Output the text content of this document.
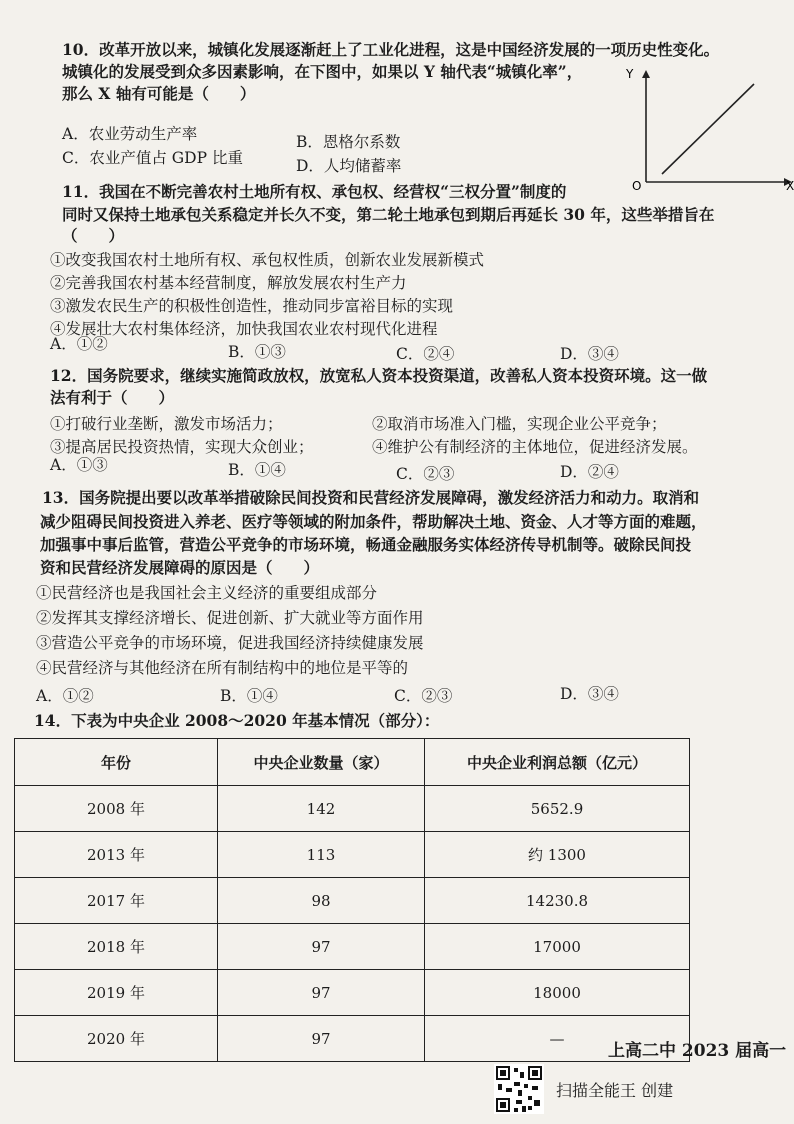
10．改革开放以来，城镇化发展逐渐赶上了工业化进程，这是中国经济发展的一项历史性变化。
城镇化的发展受到众多因素影响，在下图中，如果以 Y 轴代表“城镇化率”，
那么 X 轴有可能是（　　）
A．农业劳动生产率	B．恩格尔系数
C．农业产值占 GDP 比重	D．人均储蓄率
Y
X
O
11．我国在不断完善农村土地所有权、承包权、经营权“三权分置”制度的
同时又保持土地承包关系稳定并长久不变，第二轮土地承包到期后再延长 30 年，这些举措旨在
（　　）
①改变我国农村土地所有权、承包权性质，创新农业发展新模式
②完善我国农村基本经营制度，解放发展农村生产力
③激发农民生产的积极性创造性，推动同步富裕目标的实现
④发展壮大农村集体经济，加快我国农业农村现代化进程
A．①②	B．①③	C．②④	D．③④
12．国务院要求，继续实施简政放权，放宽私人资本投资渠道，改善私人资本投资环境。这一做
法有利于（　　）
①打破行业垄断，激发市场活力；	②取消市场准入门槛，实现企业公平竞争；
③提高居民投资热情，实现大众创业；	④维护公有制经济的主体地位，促进经济发展。
A．①③	B．①④	C．②③	D．②④
13．国务院提出要以改革举措破除民间投资和民营经济发展障碍，激发经济活力和动力。取消和
减少阻碍民间投资进入养老、医疗等领域的附加条件，帮助解决土地、资金、人才等方面的难题，
加强事中事后监管，营造公平竞争的市场环境，畅通金融服务实体经济传导机制等。破除民间投
资和民营经济发展障碍的原因是（　　）
①民营经济也是我国社会主义经济的重要组成部分
②发挥其支撑经济增长、促进创新、扩大就业等方面作用
③营造公平竞争的市场环境，促进我国经济持续健康发展
④民营经济与其他经济在所有制结构中的地位是平等的
A．①②	B．①④	C．②③	D．③④
14．下表为中央企业 2008～2020 年基本情况（部分）：
年份	中央企业数量（家）	中央企业利润总额（亿元）
2008 年	142	5652.9
2013 年	113	约 1300
2017 年	98	14230.8
2018 年	97	17000
2019 年	97	18000
2020 年	97	—
上高二中 2023 届高一
扫描全能王 创建
